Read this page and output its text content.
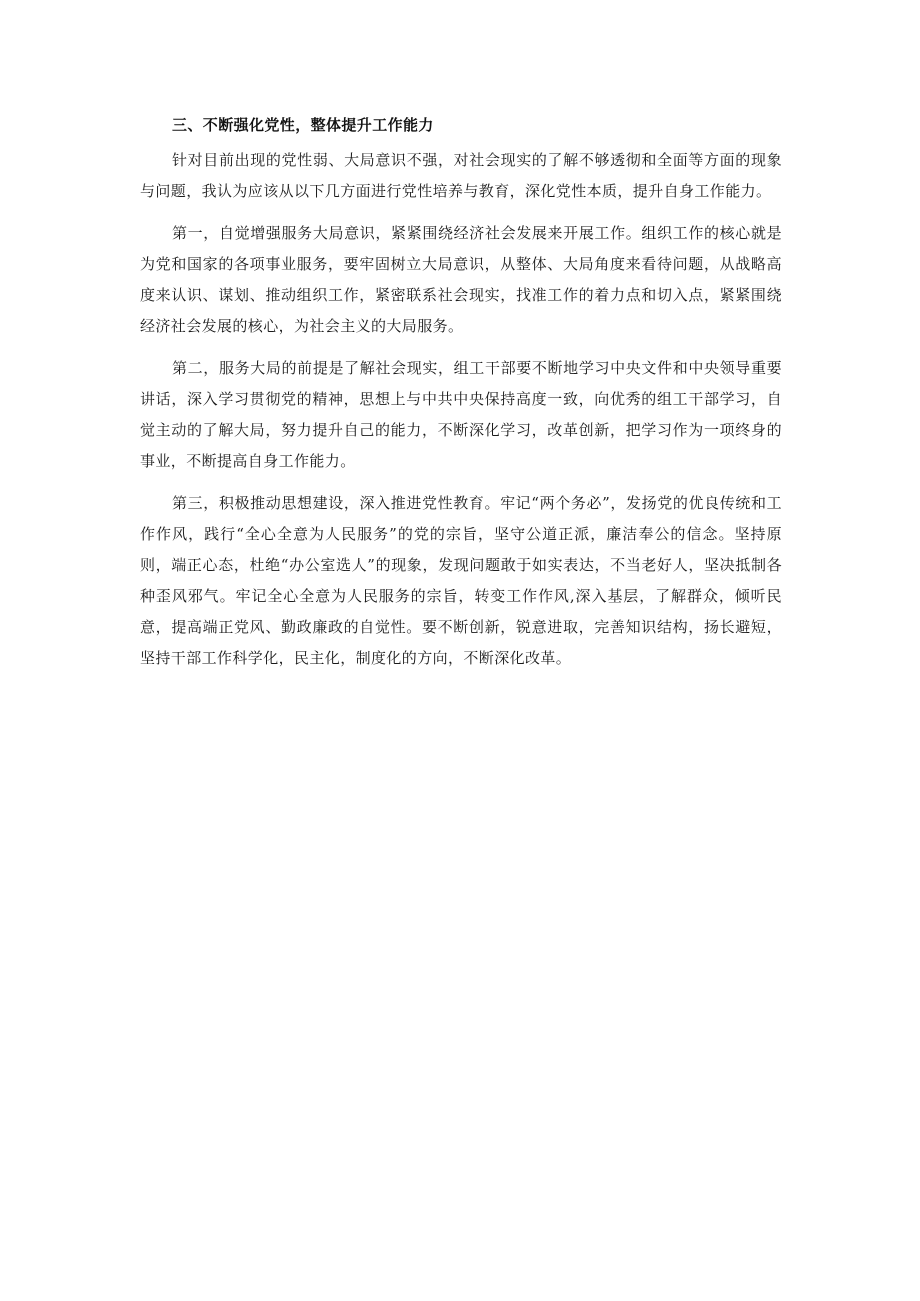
三、不断强化党性，整体提升工作能力

针对目前出现的党性弱、大局意识不强，对社会现实的了解不够透彻和全面等方面的现象与问题，我认为应该从以下几方面进行党性培养与教育，深化党性本质，提升自身工作能力。

第一，自觉增强服务大局意识，紧紧围绕经济社会发展来开展工作。组织工作的核心就是为党和国家的各项事业服务，要牢固树立大局意识，从整体、大局角度来看待问题，从战略高度来认识、谋划、推动组织工作，紧密联系社会现实，找准工作的着力点和切入点，紧紧围绕经济社会发展的核心，为社会主义的大局服务。

第二，服务大局的前提是了解社会现实，组工干部要不断地学习中央文件和中央领导重要讲话，深入学习贯彻党的精神，思想上与中共中央保持高度一致，向优秀的组工干部学习，自觉主动的了解大局，努力提升自己的能力，不断深化学习，改革创新，把学习作为一项终身的事业，不断提高自身工作能力。

第三，积极推动思想建设，深入推进党性教育。牢记“两个务必”，发扬党的优良传统和工作作风，践行“全心全意为人民服务”的党的宗旨，坚守公道正派，廉洁奉公的信念。坚持原则，端正心态，杜绝“办公室选人”的现象，发现问题敢于如实表达，不当老好人，坚决抵制各种歪风邪气。牢记全心全意为人民服务的宗旨，转变工作作风,深入基层，了解群众，倾听民意，提高端正党风、勤政廉政的自觉性。要不断创新，锐意进取，完善知识结构，扬长避短，坚持干部工作科学化，民主化，制度化的方向，不断深化改革。
